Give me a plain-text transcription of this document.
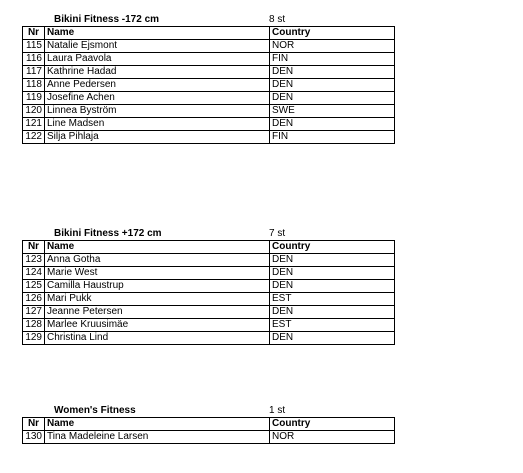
Bikini Fitness -172 cm	8 st
Nr	Name	Country
115	Natalie Ejsmont	NOR
116	Laura Paavola	FIN
117	Kathrine Hadad	DEN
118	Anne Pedersen	DEN
119	Josefine Achen	DEN
120	Linnea Byström	SWE
121	Line Madsen	DEN
122	Silja Pihlaja	FIN
Bikini Fitness +172 cm	7 st
Nr	Name	Country
123	Anna Gotha	DEN
124	Marie West	DEN
125	Camilla Haustrup	DEN
126	Mari Pukk	EST
127	Jeanne Petersen	DEN
128	Marlee Kruusimäe	EST
129	Christina Lind	DEN
Women's Fitness	1 st
Nr	Name	Country
130	Tina Madeleine Larsen	NOR
